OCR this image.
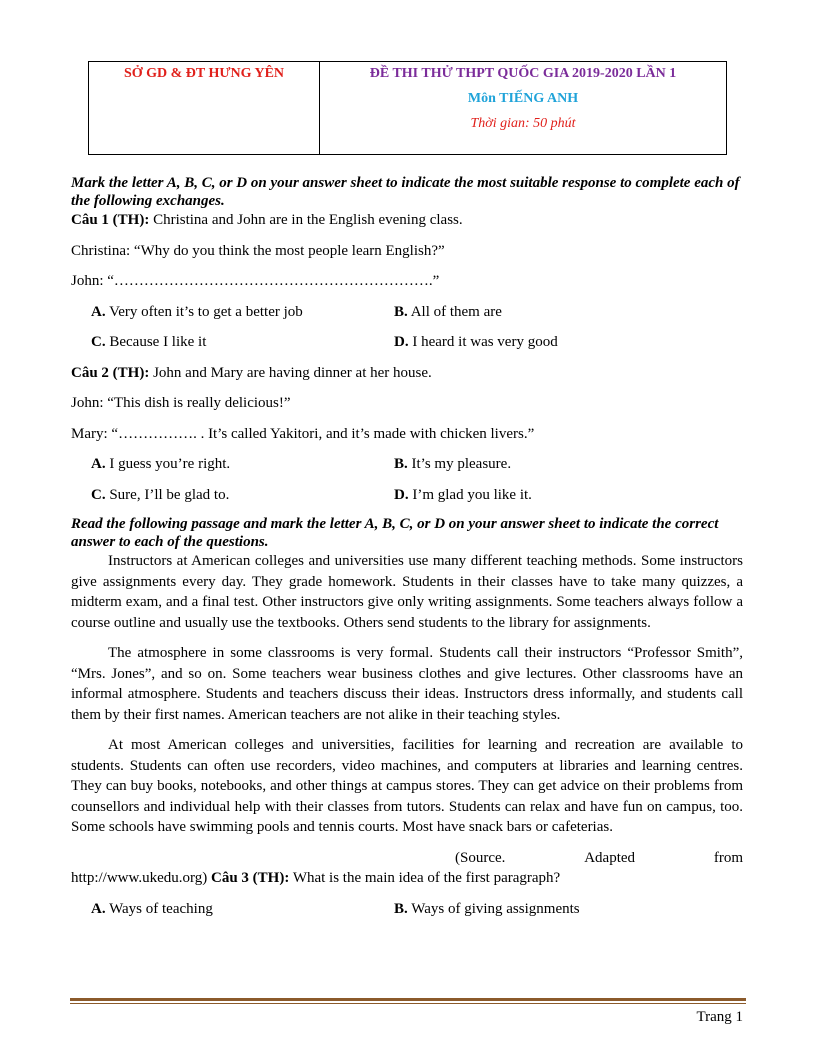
SỞ GD & ĐT HƯNG YÊN	ĐỀ THI THỬ THPT QUỐC GIA 2019-2020 LẦN 1
Môn TIẾNG ANH
Thời gian: 50 phút

Mark the letter A, B, C, or D on your answer sheet to indicate the most suitable response to complete each of the following exchanges.

Câu 1 (TH): Christina and John are in the English evening class.

Christina: “Why do you think the most people learn English?”

John: “……………………………………………………….”

A. Very often it’s to get a better job	B. All of them are
C. Because I like it	D. I heard it was very good

Câu 2 (TH): John and Mary are having dinner at her house.

John: “This dish is really delicious!”

Mary: “……………. . It’s called Yakitori, and it’s made with chicken livers.”

A. I guess you’re right.	B. It’s my pleasure.
C. Sure, I’ll be glad to.	D. I’m glad you like it.

Read the following passage and mark the letter A, B, C, or D on your answer sheet to indicate the correct answer to each of the questions.

Instructors at American colleges and universities use many different teaching methods. Some instructors give assignments every day. They grade homework. Students in their classes have to take many quizzes, a midterm exam, and a final test. Other instructors give only writing assignments. Some teachers always follow a course outline and usually use the textbooks. Others send students to the library for assignments.

The atmosphere in some classrooms is very formal. Students call their instructors “Professor Smith”, “Mrs. Jones”, and so on. Some teachers wear business clothes and give lectures. Other classrooms have an informal atmosphere. Students and teachers discuss their ideas. Instructors dress informally, and students call them by their first names. American teachers are not alike in their teaching styles.

At most American colleges and universities, facilities for learning and recreation are available to students. Students can often use recorders, video machines, and computers at libraries and learning centres. They can buy books, notebooks, and other things at campus stores. They can get advice on their problems from counsellors and individual help with their classes from tutors. Students can relax and have fun on campus, too. Some schools have swimming pools and tennis courts. Most have snack bars or cafeterias.

(Source.	Adapted	from

http://www.ukedu.org) Câu 3 (TH): What is the main idea of the first paragraph?

A. Ways of teaching	B. Ways of giving assignments
Trang 1
